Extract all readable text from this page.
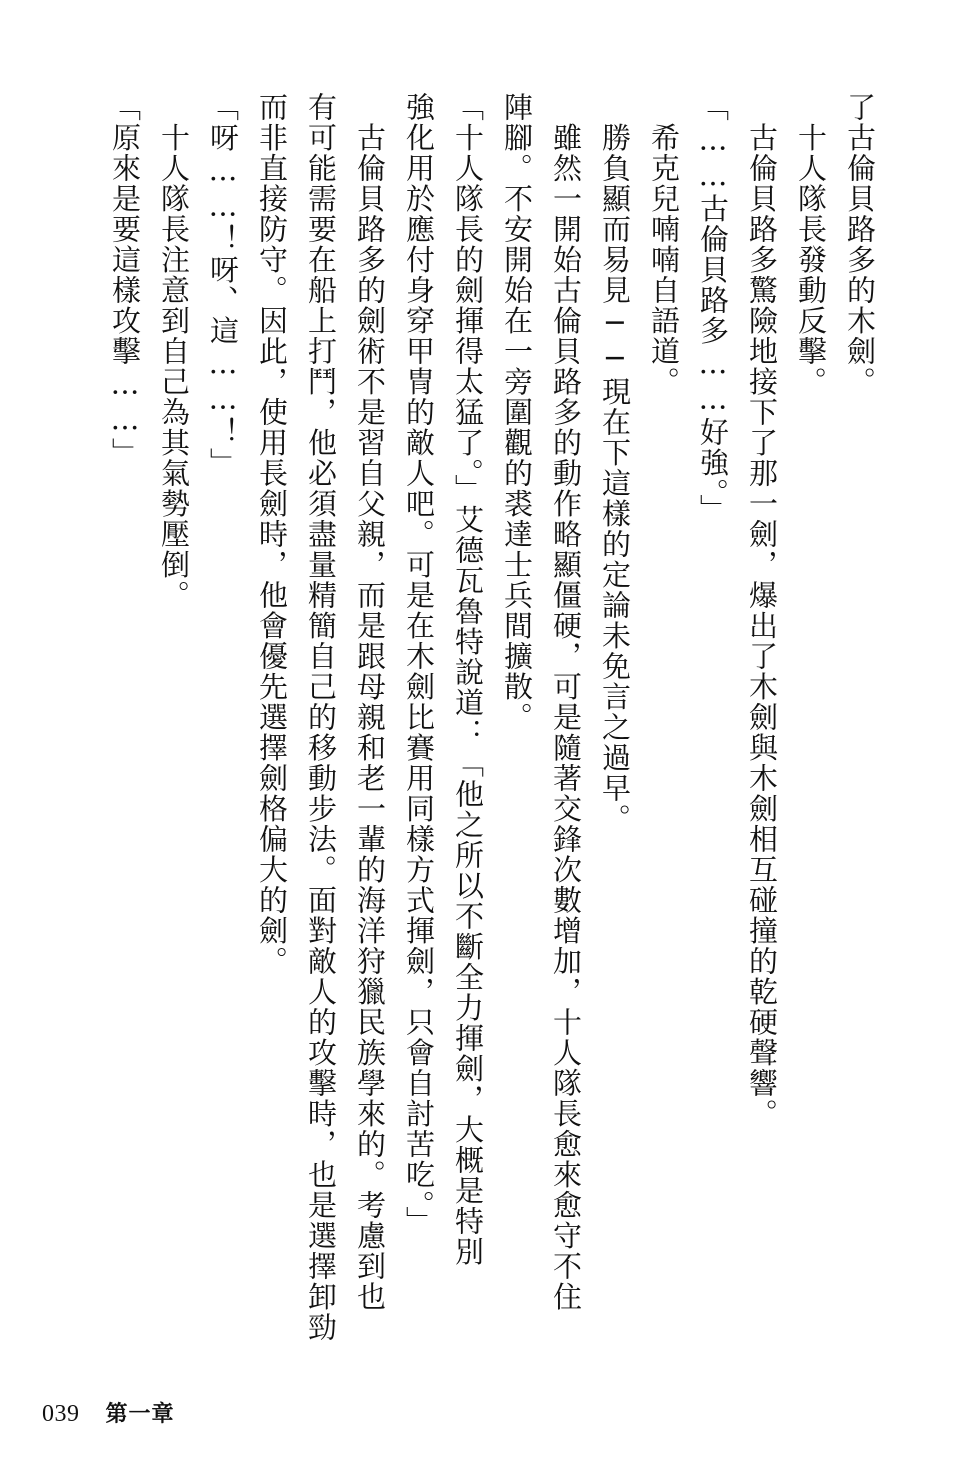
了古倫貝路多的木劍。
　十人隊長發動反擊。
　古倫貝路多驚險地接下了那一劍，爆出了木劍與木劍相互碰撞的乾硬聲響。
「……古倫貝路多……好強。」
　希克兒喃喃自語道。
　勝負顯而易見──現在下這樣的定論未免言之過早。
　雖然一開始古倫貝路多的動作略顯僵硬，可是隨著交鋒次數增加，十人隊長愈來愈守不住
陣腳。不安開始在一旁圍觀的裘達士兵間擴散。
「十人隊長的劍揮得太猛了。」艾德瓦魯特說道：「他之所以不斷全力揮劍，大概是特別
強化用於應付身穿甲冑的敵人吧。可是在木劍比賽用同樣方式揮劍，只會自討苦吃。」
　古倫貝路多的劍術不是習自父親，而是跟母親和老一輩的海洋狩獵民族學來的。考慮到也
有可能需要在船上打鬥，他必須盡量精簡自己的移動步法。面對敵人的攻擊時，也是選擇卸勁
而非直接防守。因此，使用長劍時，他會優先選擇劍格偏大的劍。
「呀……！呀、這……！」
　十人隊長注意到自己為其氣勢壓倒。
「原來是要這樣攻擊……」
039 第一章
